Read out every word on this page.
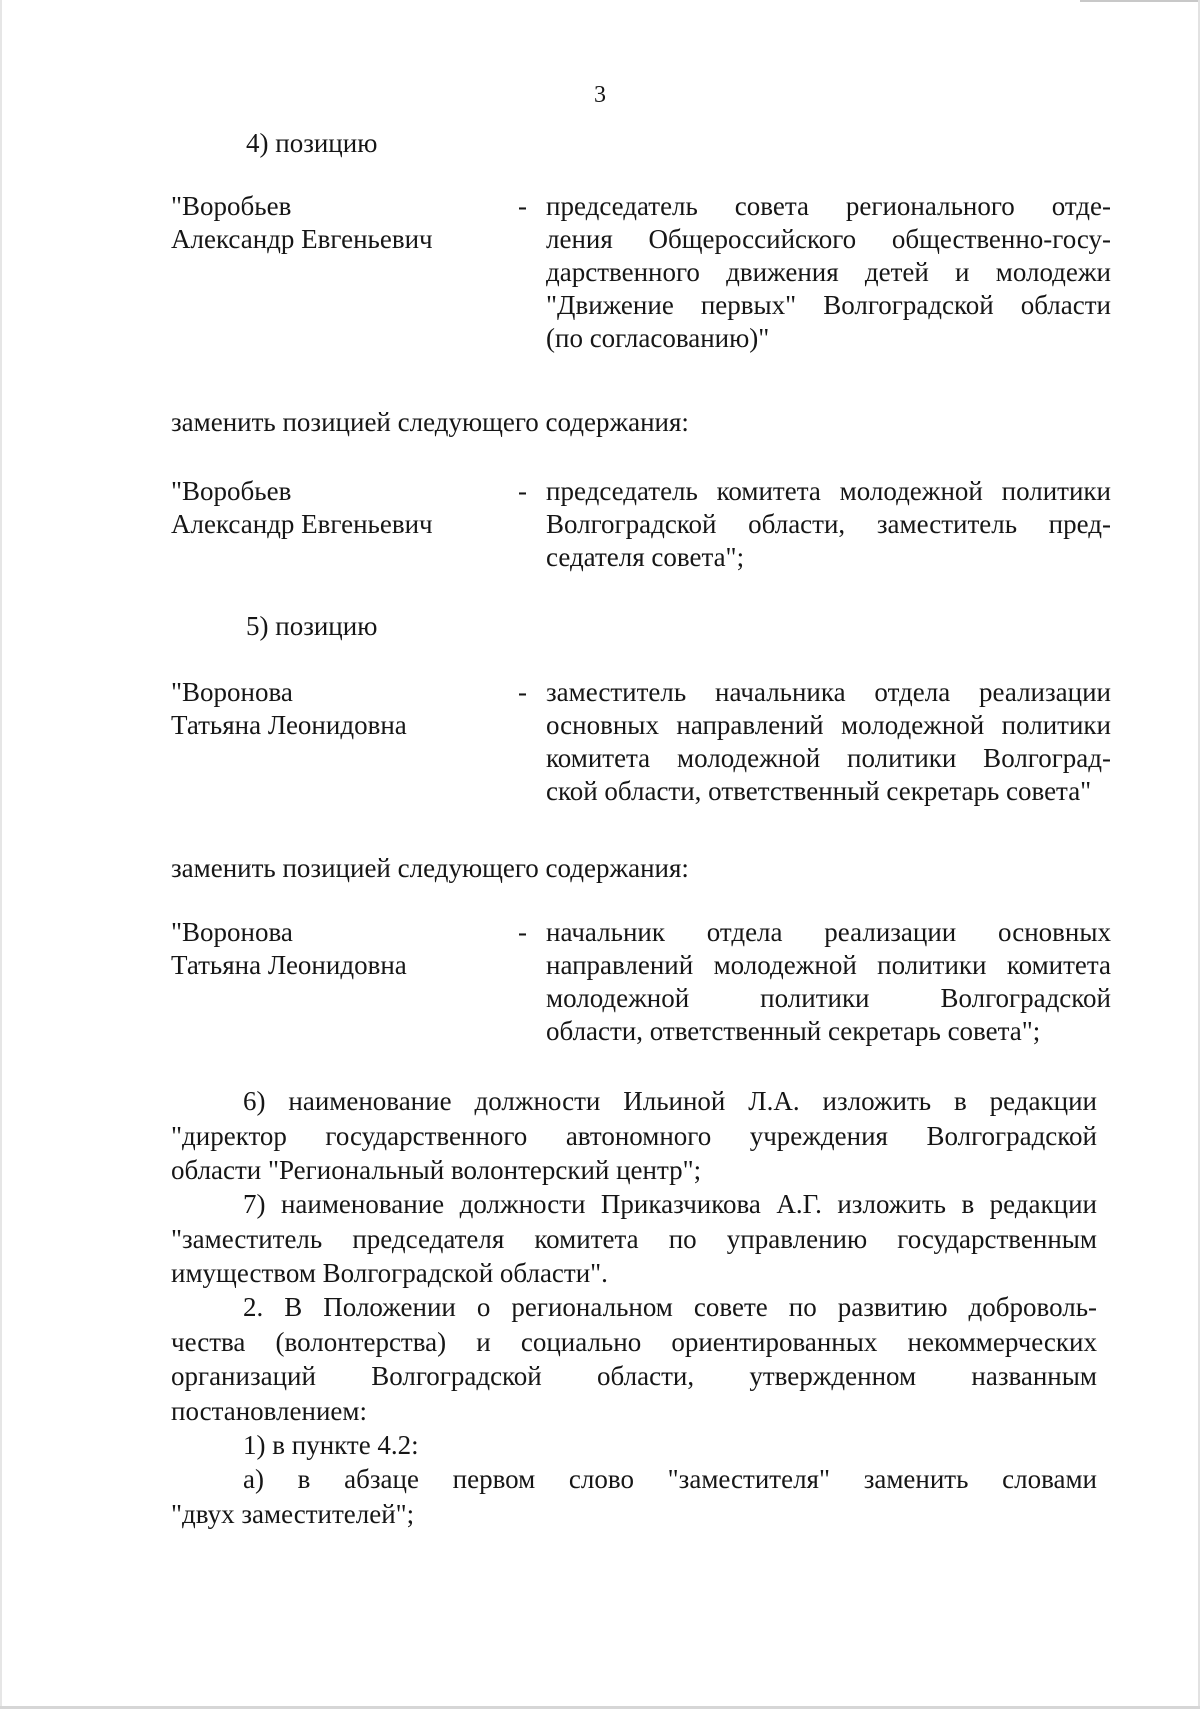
3
4) позицию
"Воробьев
Александр Евгеньевич
- председатель совета регионального отде-
ления Общероссийского общественно-госу-
дарственного движения детей и молодежи
"Движение первых" Волгоградской области
(по согласованию)"
заменить позицией следующего содержания:
"Воробьев
Александр Евгеньевич
- председатель комитета молодежной политики
Волгоградской области, заместитель пред-
седателя совета";
5) позицию
"Воронова
Татьяна Леонидовна
- заместитель начальника отдела реализации
основных направлений молодежной политики
комитета молодежной политики Волгоград-
ской области, ответственный секретарь совета"
заменить позицией следующего содержания:
"Воронова
Татьяна Леонидовна
- начальник отдела реализации основных
направлений молодежной политики комитета
молодежной политики Волгоградской
области, ответственный секретарь совета";
6) наименование должности Ильиной Л.А. изложить в редакции
"директор государственного автономного учреждения Волгоградской
области "Региональный волонтерский центр";
7) наименование должности Приказчикова А.Г. изложить в редакции
"заместитель председателя комитета по управлению государственным
имуществом Волгоградской области".
2. В Положении о региональном совете по развитию доброволь-
чества (волонтерства) и социально ориентированных некоммерческих
организаций Волгоградской области, утвержденном названным
постановлением:
1) в пункте 4.2:
а) в абзаце первом слово "заместителя" заменить словами
"двух заместителей";
